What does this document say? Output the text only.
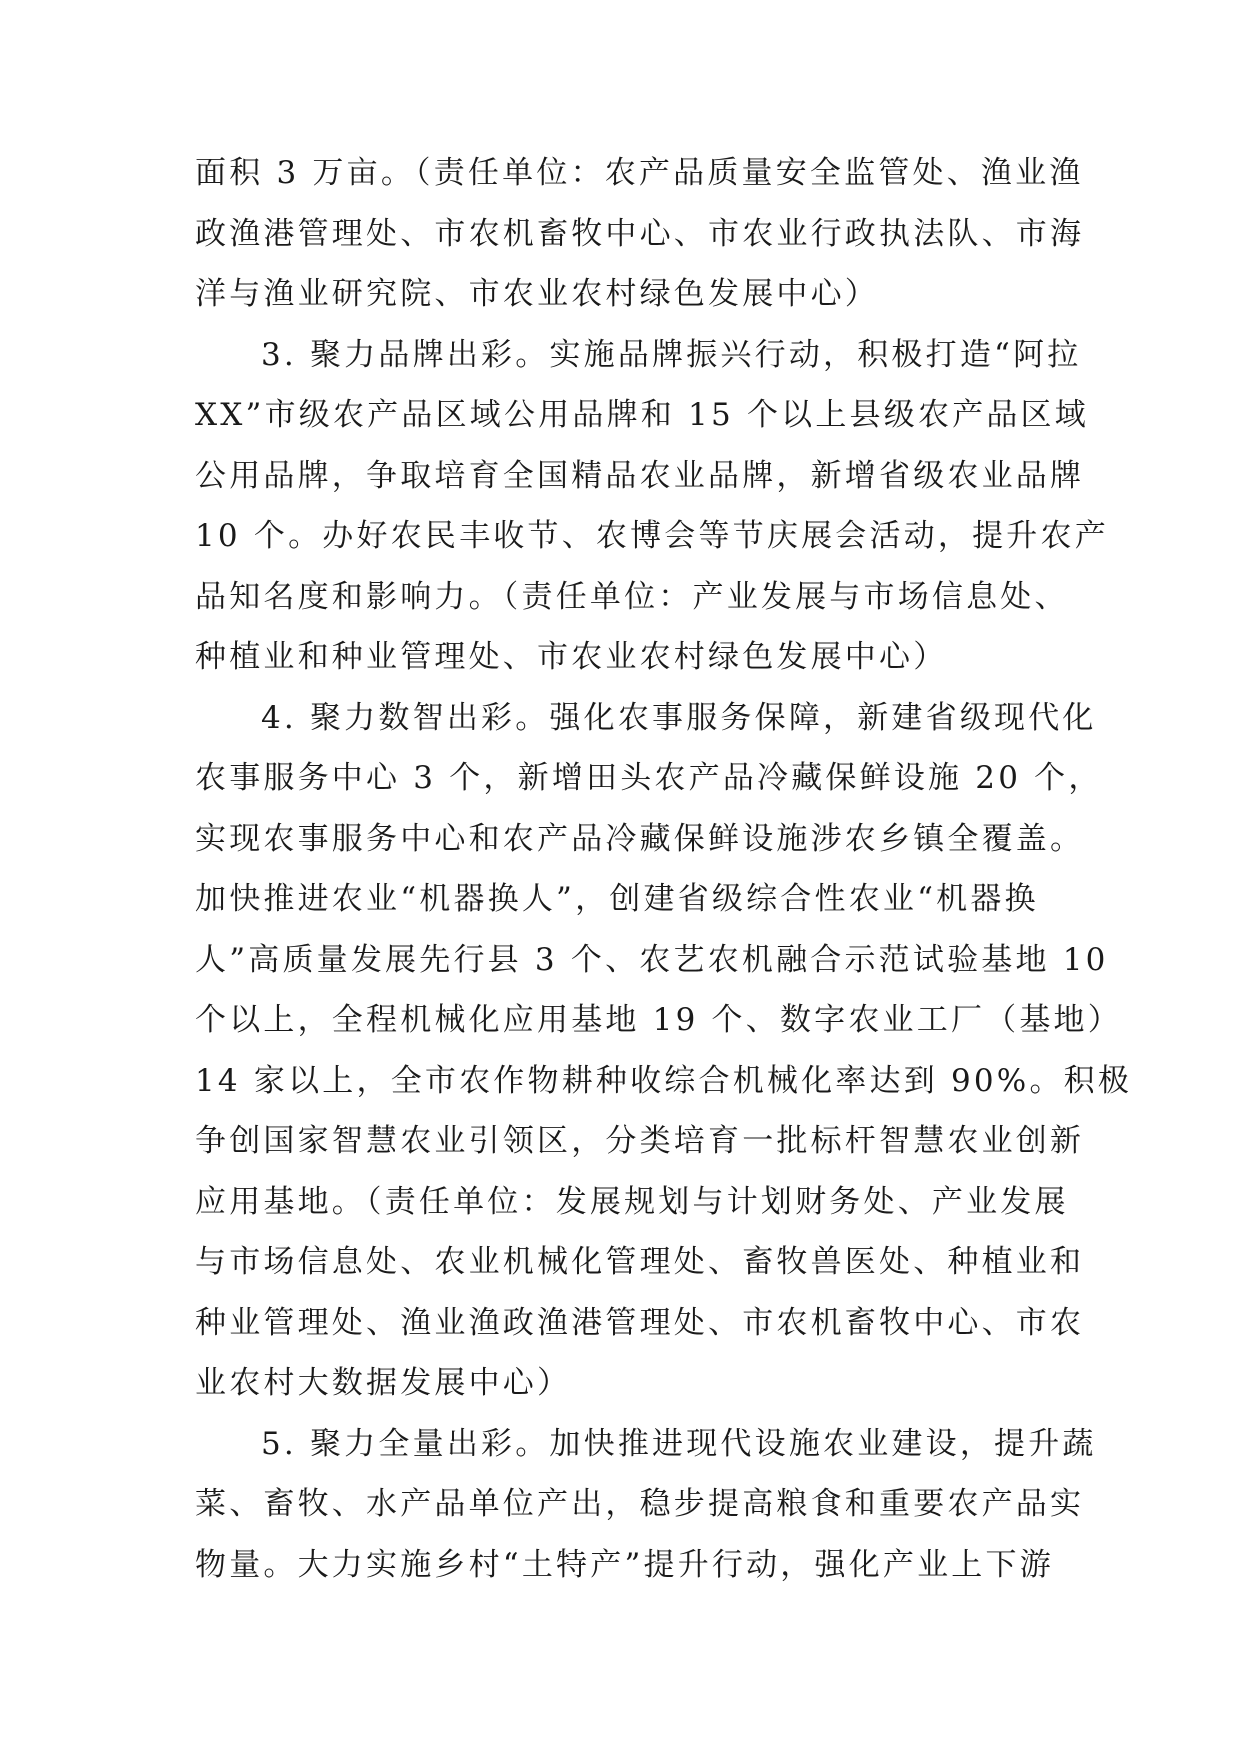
面积 3 万亩。（责任单位：农产品质量安全监管处、渔业渔
政渔港管理处、市农机畜牧中心、市农业行政执法队、市海
洋与渔业研究院、市农业农村绿色发展中心）
3. 聚力品牌出彩。实施品牌振兴行动，积极打造“阿拉
XX”市级农产品区域公用品牌和 15 个以上县级农产品区域
公用品牌，争取培育全国精品农业品牌，新增省级农业品牌
10 个。办好农民丰收节、农博会等节庆展会活动，提升农产
品知名度和影响力。（责任单位：产业发展与市场信息处、
种植业和种业管理处、市农业农村绿色发展中心）
4. 聚力数智出彩。强化农事服务保障，新建省级现代化
农事服务中心 3 个，新增田头农产品冷藏保鲜设施 20 个，
实现农事服务中心和农产品冷藏保鲜设施涉农乡镇全覆盖。
加快推进农业“机器换人”，创建省级综合性农业“机器换
人”高质量发展先行县 3 个、农艺农机融合示范试验基地 10
个以上，全程机械化应用基地 19 个、数字农业工厂（基地）
14 家以上，全市农作物耕种收综合机械化率达到 90%。积极
争创国家智慧农业引领区，分类培育一批标杆智慧农业创新
应用基地。（责任单位：发展规划与计划财务处、产业发展
与市场信息处、农业机械化管理处、畜牧兽医处、种植业和
种业管理处、渔业渔政渔港管理处、市农机畜牧中心、市农
业农村大数据发展中心）
5. 聚力全量出彩。加快推进现代设施农业建设，提升蔬
菜、畜牧、水产品单位产出，稳步提高粮食和重要农产品实
物量。大力实施乡村“土特产”提升行动，强化产业上下游
